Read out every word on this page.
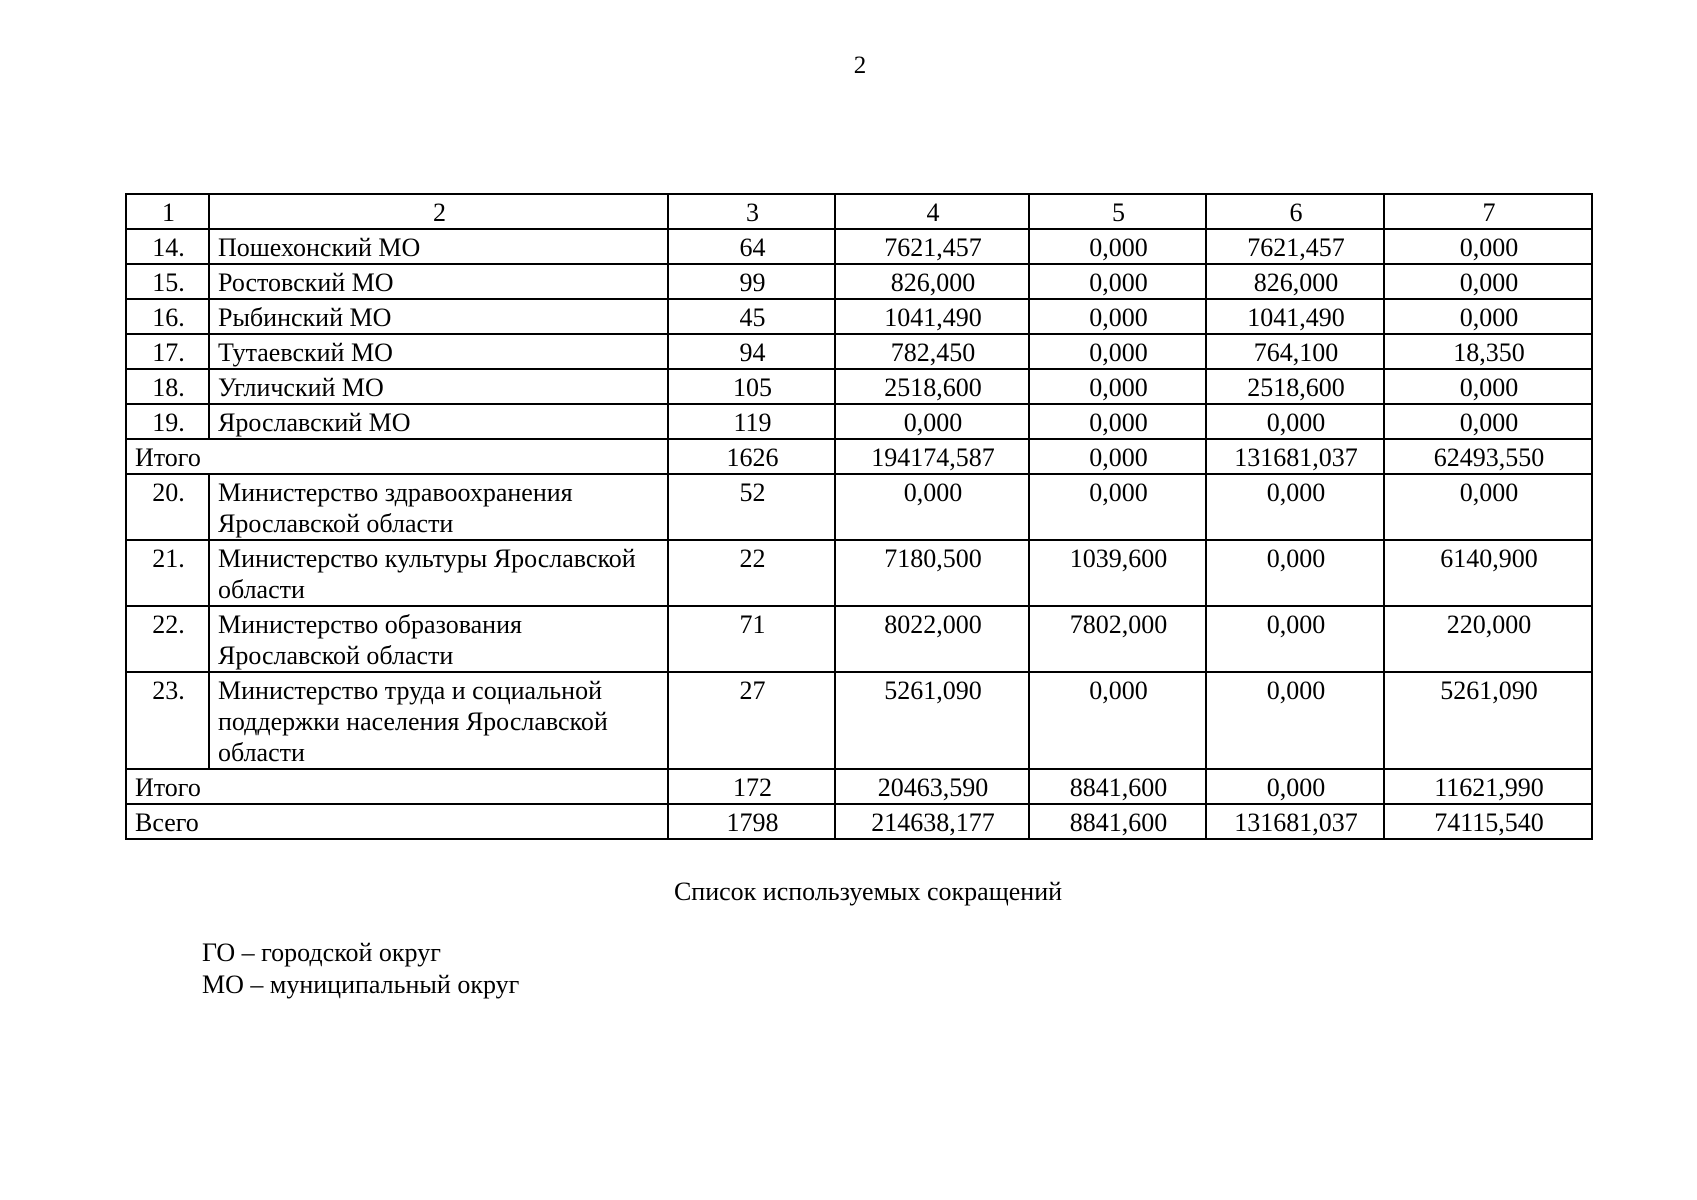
2
1	2	3	4	5	6	7
14.	Пошехонский МО	64	7621,457	0,000	7621,457	0,000
15.	Ростовский МО	99	826,000	0,000	826,000	0,000
16.	Рыбинский МО	45	1041,490	0,000	1041,490	0,000
17.	Тутаевский МО	94	782,450	0,000	764,100	18,350
18.	Угличский МО	105	2518,600	0,000	2518,600	0,000
19.	Ярославский МО	119	0,000	0,000	0,000	0,000
Итого		1626	194174,587	0,000	131681,037	62493,550
20.	Министерство здравоохранения Ярославской области	52	0,000	0,000	0,000	0,000
21.	Министерство культуры Ярославской области	22	7180,500	1039,600	0,000	6140,900
22.	Министерство образования Ярославской области	71	8022,000	7802,000	0,000	220,000
23.	Министерство труда и социальной поддержки населения Ярославской области	27	5261,090	0,000	0,000	5261,090
Итого		172	20463,590	8841,600	0,000	11621,990
Всего		1798	214638,177	8841,600	131681,037	74115,540
Список используемых сокращений
ГО – городской округ
МО – муниципальный округ
